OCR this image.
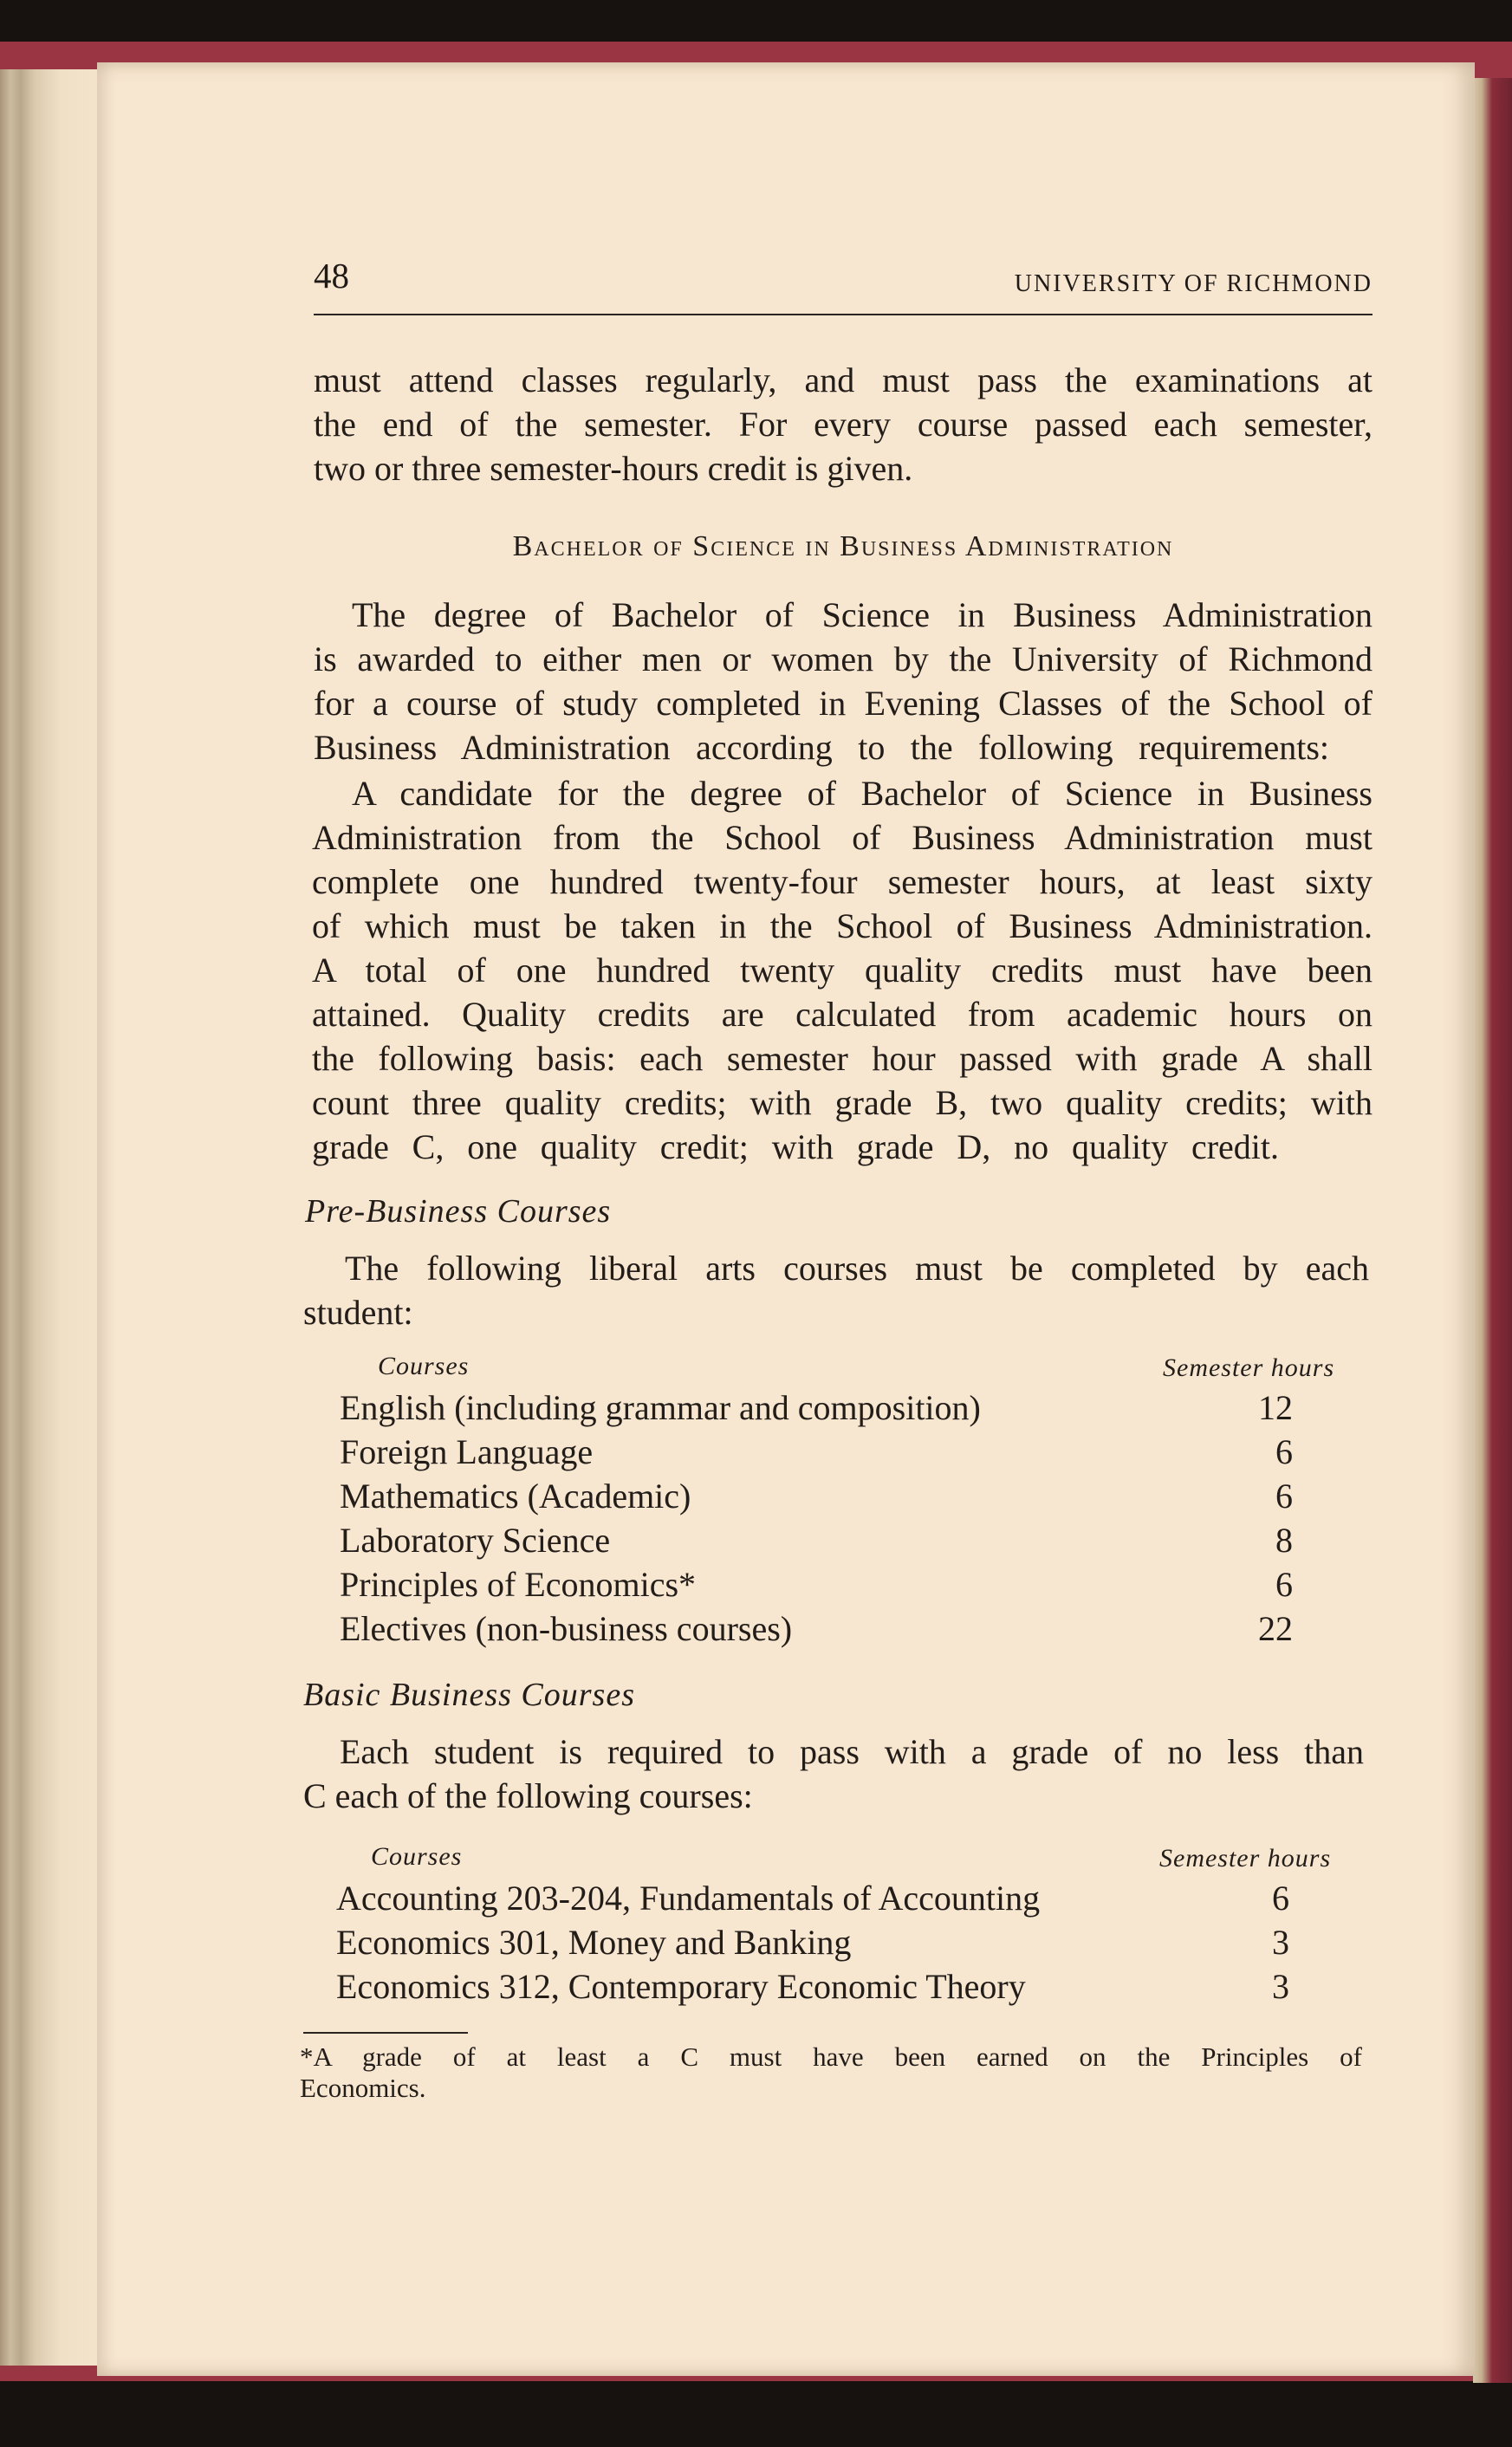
48	UNIVERSITY OF RICHMOND
must attend classes regularly, and must pass the examinations at
the end of the semester. For every course passed each semester,
two or three semester-hours credit is given.
Bachelor of Science in Business Administration
The degree of Bachelor of Science in Business Administration
is awarded to either men or women by the University of Richmond
for a course of study completed in Evening Classes of the School of
Business Administration according to the following requirements:
A candidate for the degree of Bachelor of Science in Business
Administration from the School of Business Administration must
complete one hundred twenty-four semester hours, at least sixty
of which must be taken in the School of Business Administration.
A total of one hundred twenty quality credits must have been
attained. Quality credits are calculated from academic hours on
the following basis: each semester hour passed with grade A shall
count three quality credits; with grade B, two quality credits; with
grade C, one quality credit; with grade D, no quality credit.
Pre-Business Courses
The following liberal arts courses must be completed by each
student:
Courses	Semester hours
English (including grammar and composition)	12
Foreign Language	6
Mathematics (Academic)	6
Laboratory Science	8
Principles of Economics*	6
Electives (non-business courses)	22
Basic Business Courses
Each student is required to pass with a grade of no less than
C each of the following courses:
Courses	Semester hours
Accounting 203-204, Fundamentals of Accounting	6
Economics 301, Money and Banking	3
Economics 312, Contemporary Economic Theory	3
*A grade of at least a C must have been earned on the Principles of
Economics.
